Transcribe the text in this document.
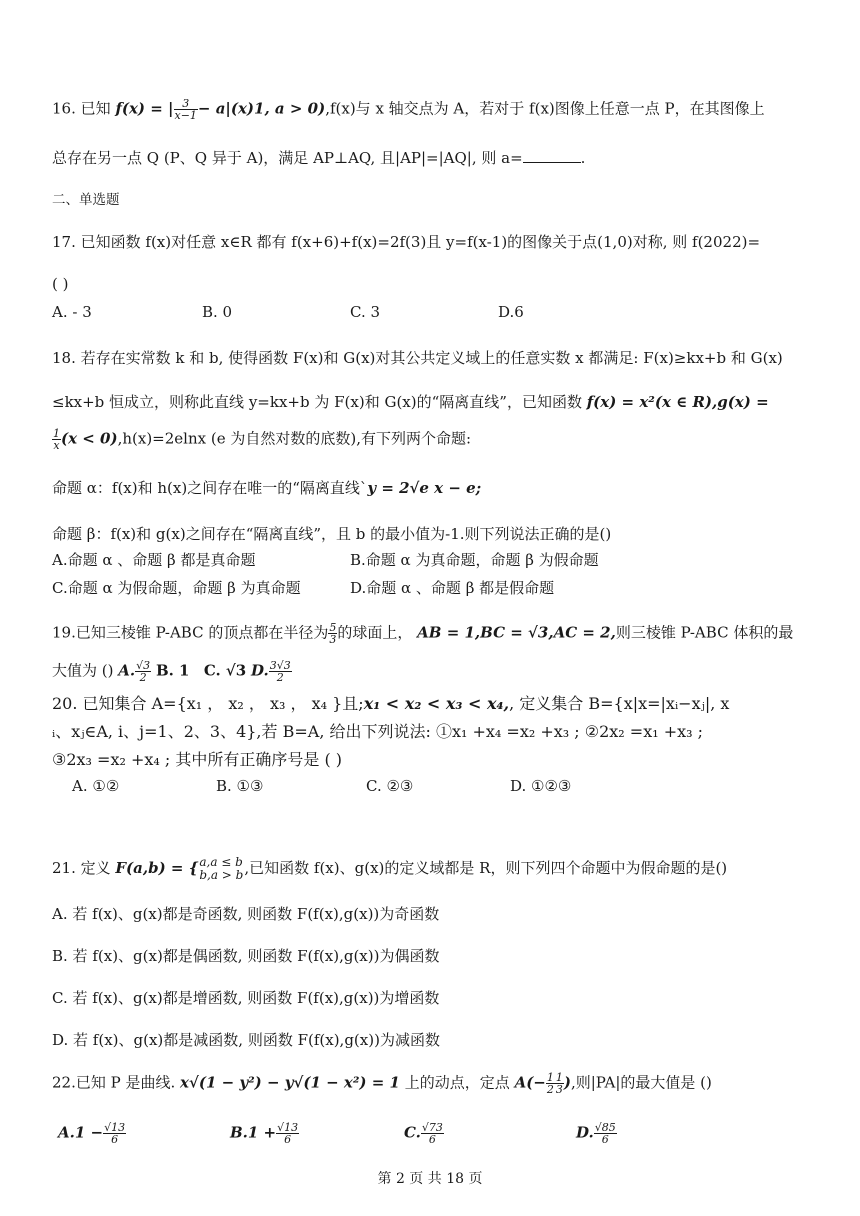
16. 已知 f(x) = | $\frac{3}{x-1} - a|(x)1$, a > 0),f(x)与 x 轴交点为 A，若对于 f(x)图像上任意一点 P，在其图像上
总存在另一点 Q (P、Q 异于 A)，满足 AP⊥AQ, 且|AP|=|AQ|, 则 a=	.
二、单选题
17. 已知函数 f(x)对任意 x∈R 都有 f(x+6)+f(x)=2f(3)且 y=f(x-1)的图像关于点(1,0)对称, 则 f(2022)=
( )
A. - 3	B. 0	C. 3	D.6
18. 若存在实常数 k 和 b, 使得函数 F(x)和 G(x)对其公共定义域上的任意实数 x 都满足: F(x)≥kx+b 和 G(x)
≤kx+b 恒成立，则称此直线 y=kx+b 为 F(x)和 G(x)的“隔离直线”，已知函数 f(x) = x²(x ∈ R),g(x) =
$\frac{1}{x} (x < 0),h(x)=2elnx$ (e 为自然对数的底数),有下列两个命题:
命题 α：f(x)和 h(x)之间存在唯一的“隔离直线`y = 2√e x − e;
命题 β：f(x)和 g(x)之间存在“隔离直线”，且 b 的最小值为-1.则下列说法正确的是()
A.命题 α 、命题 β 都是真命题	B.命题 α 为真命题，命题 β 为假命题
C.命题 α 为假命题，命题 β 为真命题	D.命题 α 、命题 β 都是假命题
19.已知三棱锥 P-ABC 的顶点都在半径为 $\frac{5}{3}$ 的球面上， AB = 1,BC = √3,AC = 2,则三棱锥 P-ABC 体积的最
大值为 () A. $\frac{√3}{2} B$. 1 C. √3 D. $\frac{3√3}{2}$
20. 已知集合 A={x₁ ， x₂ ， x₃ ， x₄ }且;x₁ < x₂ < x₃ < x₄,, 定义集合 B={x|x=|xᵢ−xⱼ|, x
ᵢ、xⱼ∈A, i、j=1、2、3、4},若 B=A, 给出下列说法: ①x₁ +x₄ =x₂ +x₃ ; ②2x₂ =x₁ +x₃ ;
③2x₃ =x₂ +x₄ ; 其中所有正确序号是 ( )
A. ①②	B. ①③	C. ②③	D. ①②③
21. 定义 F(a,b) = { a,a ≤ b
b,a > b ,已知函数 f(x)、g(x)的定义域都是 R，则下列四个命题中为假命题的是()
A. 若 f(x)、g(x)都是奇函数, 则函数 F(f(x),g(x))为奇函数
B. 若 f(x)、g(x)都是偶函数, 则函数 F(f(x),g(x))为偶函数
C. 若 f(x)、g(x)都是增函数, 则函数 F(f(x),g(x))为增函数
D. 若 f(x)、g(x)都是减函数, 则函数 F(f(x),g(x))为减函数
22.已知 P 是曲线. x√(1 − y²) − y√(1 − x²) = 1 上的动点，定点 $A(- \frac{1}{2} \frac{1}{3}$ ),则|PA|的最大值是 ()
$A.1 - \frac{√13}{6}$	$B.1 + \frac{√13}{6}$	C. $\frac{√73}{6}$	D. $\frac{√85}{6}$
第 2 页 共 18 页
